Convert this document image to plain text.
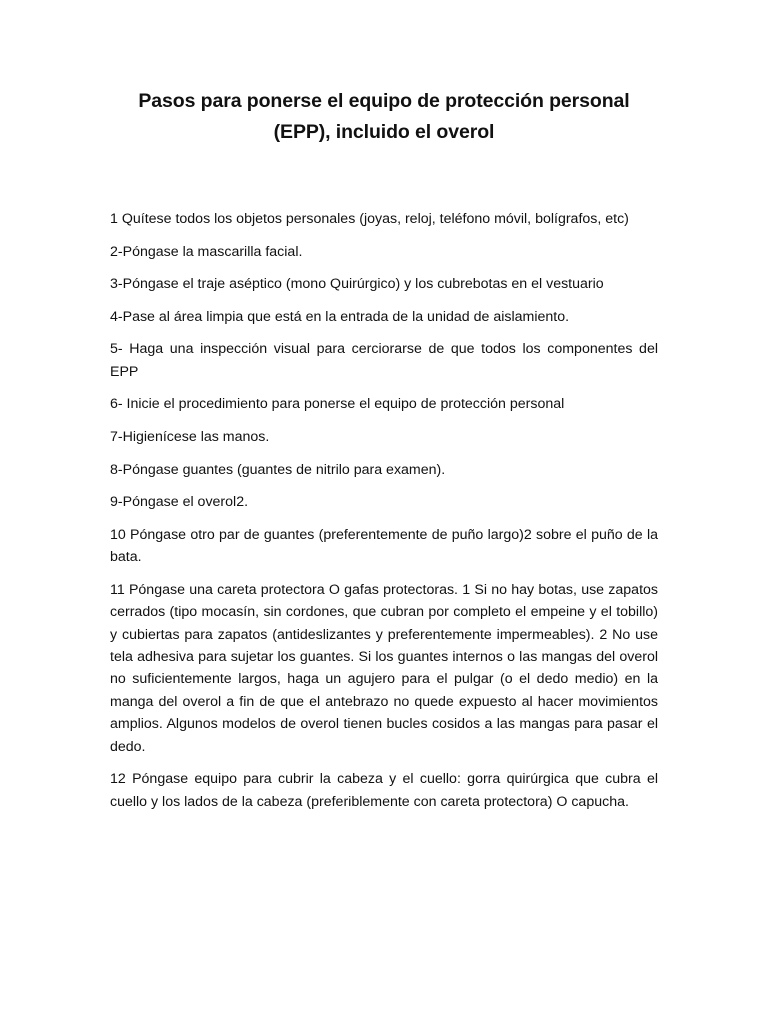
Pasos para ponerse el equipo de protección personal
(EPP), incluido el overol

1 Quítese todos los objetos personales (joyas, reloj, teléfono móvil, bolígrafos, etc)

2-Póngase la mascarilla facial.

3-Póngase el traje aséptico (mono Quirúrgico) y los cubrebotas en el vestuario

4-Pase al área limpia que está en la entrada de la unidad de aislamiento.

5- Haga una inspección visual para cerciorarse de que todos los componentes del EPP

6- Inicie el procedimiento para ponerse el equipo de protección personal

7-Higienícese las manos.

8-Póngase guantes (guantes de nitrilo para examen).

9-Póngase el overol2.

10 Póngase otro par de guantes (preferentemente de puño largo)2 sobre el puño de la bata.

11 Póngase una careta protectora O gafas protectoras. 1 Si no hay botas, use zapatos cerrados (tipo mocasín, sin cordones, que cubran por completo el empeine y el tobillo) y cubiertas para zapatos (antideslizantes y preferentemente impermeables). 2 No use tela adhesiva para sujetar los guantes. Si los guantes internos o las mangas del overol no suficientemente largos, haga un agujero para el pulgar (o el dedo medio) en la manga del overol a fin de que el antebrazo no quede expuesto al hacer movimientos amplios. Algunos modelos de overol tienen bucles cosidos a las mangas para pasar el dedo.

12 Póngase equipo para cubrir la cabeza y el cuello: gorra quirúrgica que cubra el cuello y los lados de la cabeza (preferiblemente con careta protectora) O capucha.
